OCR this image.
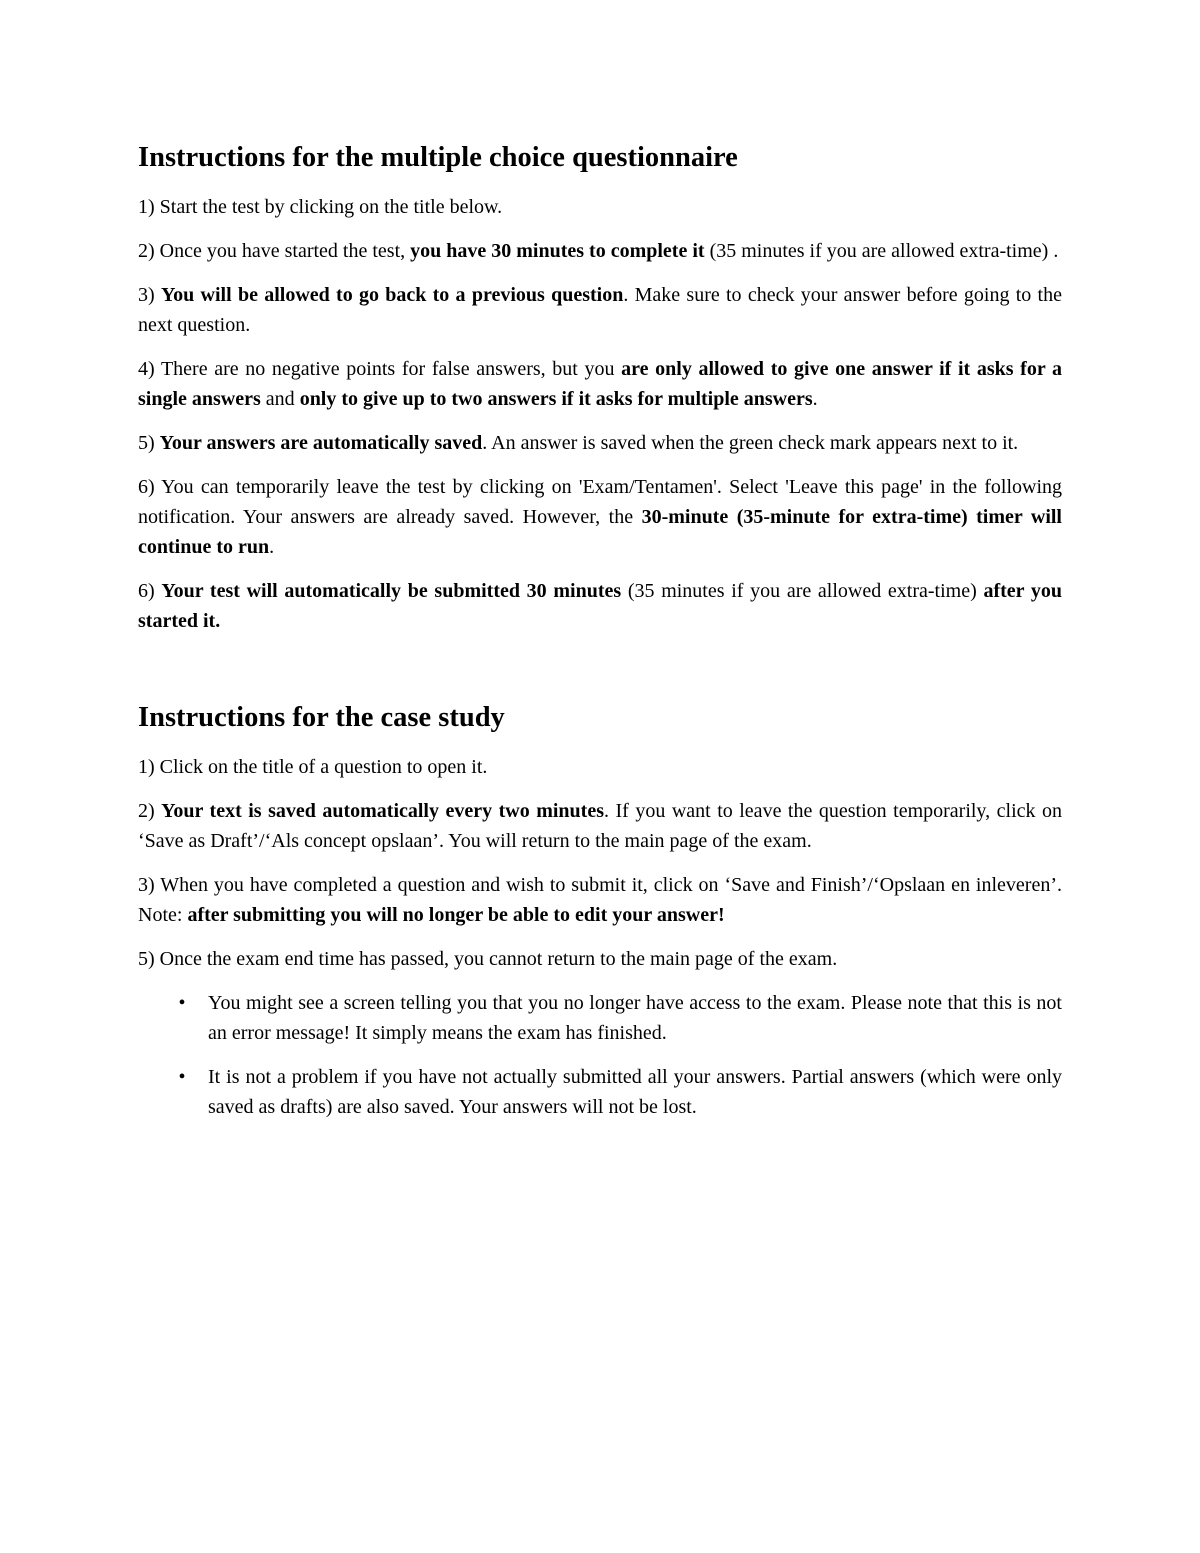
Instructions for the multiple choice questionnaire

1) Start the test by clicking on the title below.

2) Once you have started the test, you have 30 minutes to complete it (35 minutes if you are allowed extra-time) .

3) You will be allowed to go back to a previous question. Make sure to check your answer before going to the next question.

4) There are no negative points for false answers, but you are only allowed to give one answer if it asks for a single answers and only to give up to two answers if it asks for multiple answers.

5) Your answers are automatically saved. An answer is saved when the green check mark appears next to it.

6) You can temporarily leave the test by clicking on 'Exam/Tentamen'. Select 'Leave this page' in the following notification. Your answers are already saved. However, the 30-minute (35-minute for extra-time) timer will continue to run.

6) Your test will automatically be submitted 30 minutes (35 minutes if you are allowed extra-time) after you started it.

Instructions for the case study

1) Click on the title of a question to open it.

2) Your text is saved automatically every two minutes. If you want to leave the question temporarily, click on ‘Save as Draft’/‘Als concept opslaan’. You will return to the main page of the exam.

3) When you have completed a question and wish to submit it, click on ‘Save and Finish’/‘Opslaan en inleveren’. Note: after submitting you will no longer be able to edit your answer!

5) Once the exam end time has passed, you cannot return to the main page of the exam.

•	You might see a screen telling you that you no longer have access to the exam. Please note that this is not an error message! It simply means the exam has finished.
•	It is not a problem if you have not actually submitted all your answers. Partial answers (which were only saved as drafts) are also saved. Your answers will not be lost.
